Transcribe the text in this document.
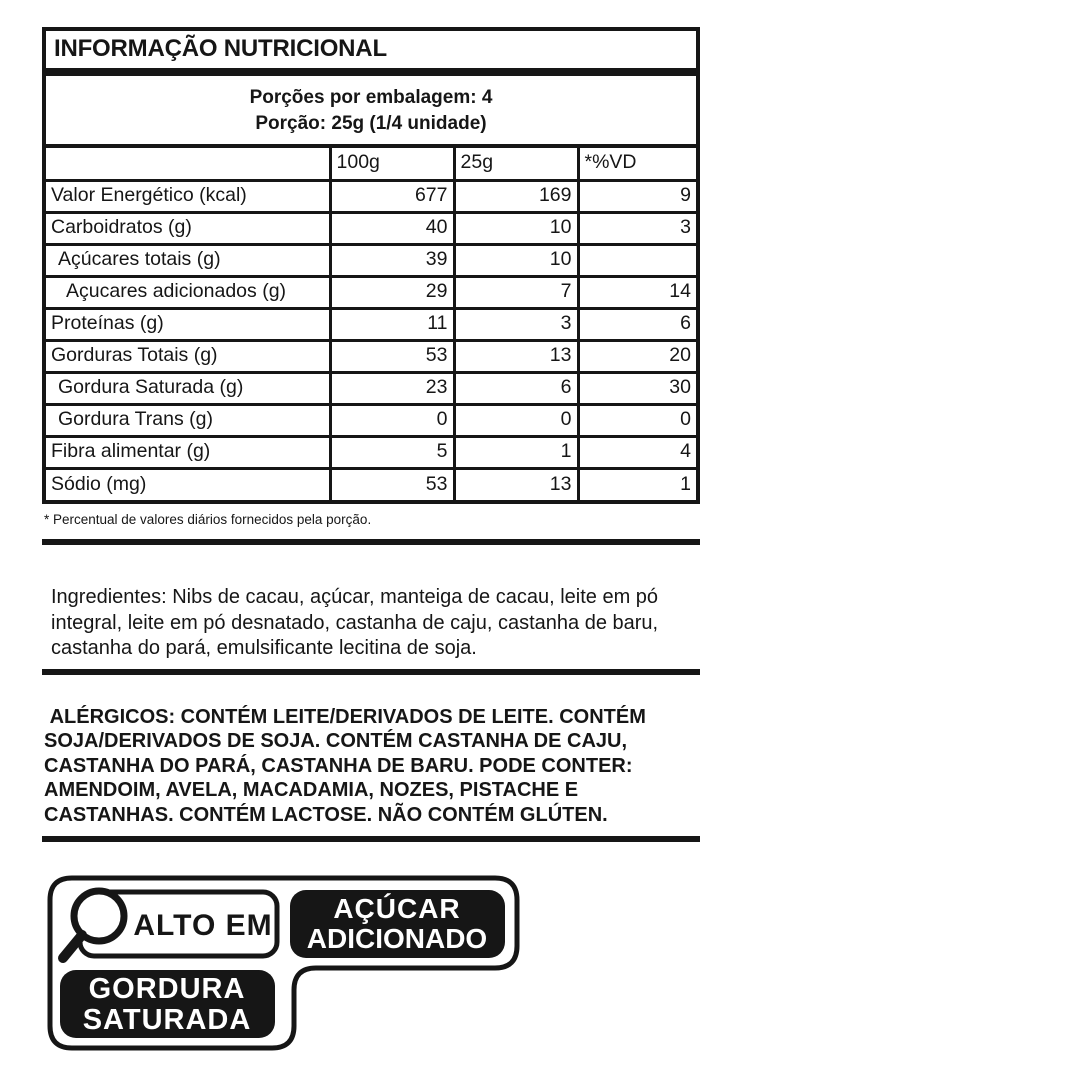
INFORMAÇÃO NUTRICIONAL
Porções por embalagem: 4
Porção: 25g (1/4 unidade)
	100g	25g	*%VD
Valor Energético (kcal)	677	169	9
Carboidratos (g)	40	10	3
Açúcares totais (g)	39	10	
Açucares adicionados (g)	29	7	14
Proteínas (g)	11	3	6
Gorduras Totais (g)	53	13	20
Gordura Saturada (g)	23	6	30
Gordura Trans (g)	0	0	0
Fibra alimentar (g)	5	1	4
Sódio (mg)	53	13	1
* Percentual de valores diários fornecidos pela porção.
Ingredientes: Nibs de cacau, açúcar, manteiga de cacau, leite em pó
integral, leite em pó desnatado, castanha de caju, castanha de baru,
castanha do pará, emulsificante lecitina de soja.
ALÉRGICOS: CONTÉM LEITE/DERIVADOS DE LEITE. CONTÉM
SOJA/DERIVADOS DE SOJA. CONTÉM CASTANHA DE CAJU,
CASTANHA DO PARÁ, CASTANHA DE BARU. PODE CONTER:
AMENDOIM, AVELA, MACADAMIA, NOZES, PISTACHE E
CASTANHAS. CONTÉM LACTOSE. NÃO CONTÉM GLÚTEN.
ALTO EM
AÇÚCAR
ADICIONADO
GORDURA
SATURADA
